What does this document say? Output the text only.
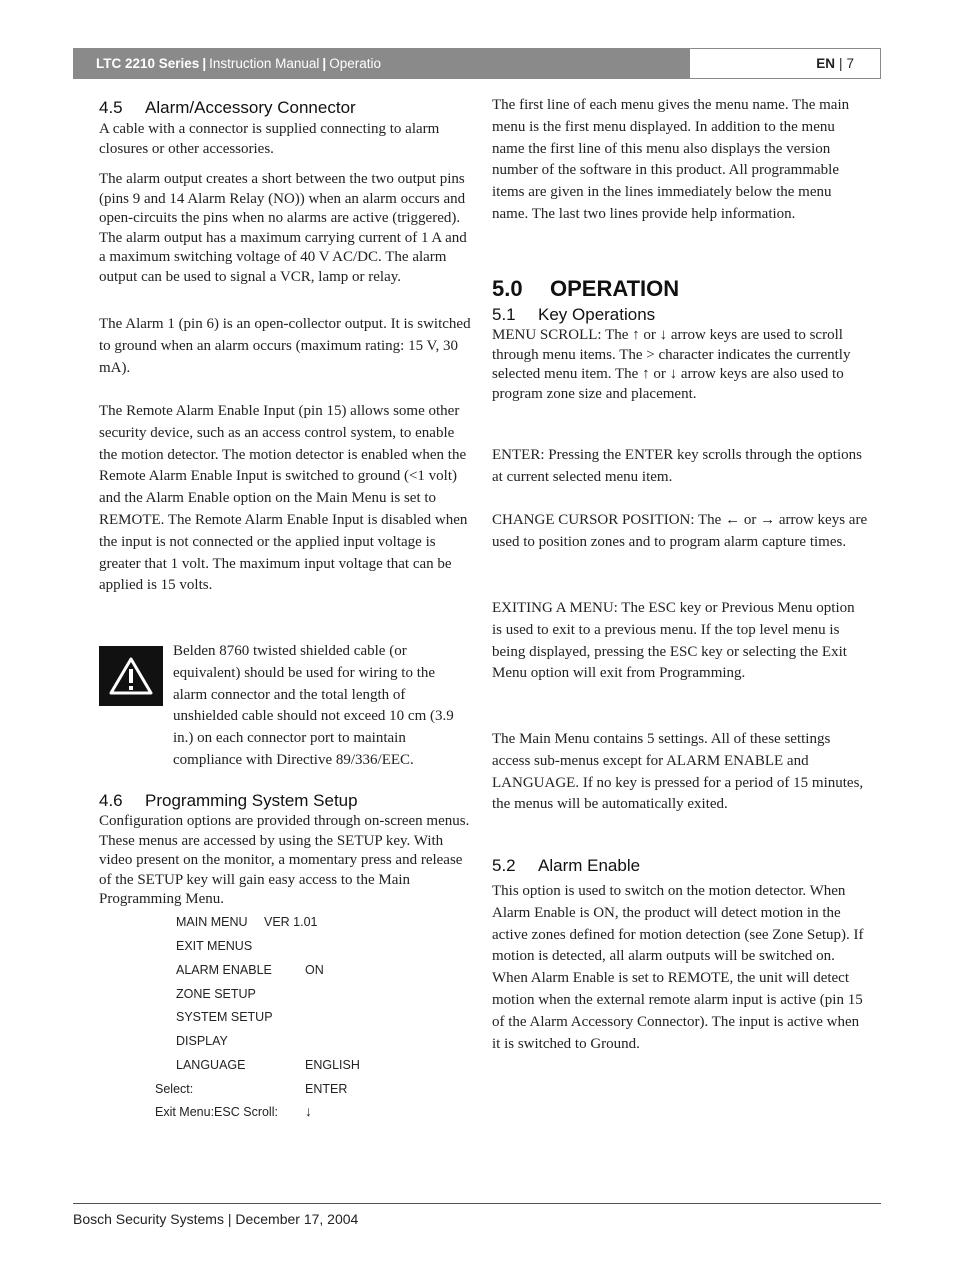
LTC 2210 Series | Instruction Manual | Operatio	EN | 7
4.5 Alarm/Accessory Connector

A cable with a connector is supplied connecting to alarm closures or other accessories.

The alarm output creates a short between the two output pins (pins 9 and 14 Alarm Relay (NO)) when an alarm occurs and open-circuits the pins when no alarms are active (triggered). The alarm output has a maximum carrying current of 1 A and a maximum switching voltage of 40 V AC/DC. The alarm output can be used to signal a VCR, lamp or relay.

The Alarm 1 (pin 6) is an open-collector output. It is switched to ground when an alarm occurs (maximum rating: 15 V, 30 mA).

The Remote Alarm Enable Input (pin 15) allows some other security device, such as an access control system, to enable the motion detector. The motion detector is enabled when the Remote Alarm Enable Input is switched to ground (<1 volt) and the Alarm Enable option on the Main Menu is set to REMOTE. The Remote Alarm Enable Input is disabled when the input is not connected or the applied input voltage is greater that 1 volt. The maximum input voltage that can be applied is 15 volts.

Belden 8760 twisted shielded cable (or equivalent) should be used for wiring to the alarm connector and the total length of unshielded cable should not exceed 10 cm (3.9 in.) on each connector port to maintain compliance with Directive 89/336/EEC.

4.6 Programming System Setup

Configuration options are provided through on-screen menus. These menus are accessed by using the SETUP key. With video present on the monitor, a momentary press and release of the SETUP key will gain easy access to the Main Programming Menu.

MAIN MENU VER 1.01
EXIT MENUS
ALARM ENABLE	ON
ZONE SETUP
SYSTEM SETUP
DISPLAY
LANGUAGE	ENGLISH
Select:	ENTER
Exit Menu:ESC Scroll: ↓

The first line of each menu gives the menu name. The main menu is the first menu displayed. In addition to the menu name the first line of this menu also displays the version number of the software in this product. All programmable items are given in the lines immediately below the menu name. The last two lines provide help information.

5.0 OPERATION
5.1 Key Operations

MENU SCROLL: The ↑ or ↓ arrow keys are used to scroll through menu items. The > character indicates the currently selected menu item. The ↑ or ↓ arrow keys are also used to program zone size and placement.

ENTER: Pressing the ENTER key scrolls through the options at current selected menu item.

CHANGE CURSOR POSITION: The ← or → arrow keys are used to position zones and to program alarm capture times.

EXITING A MENU: The ESC key or Previous Menu option is used to exit to a previous menu. If the top level menu is being displayed, pressing the ESC key or selecting the Exit Menu option will exit from Programming.

The Main Menu contains 5 settings. All of these settings access sub-menus except for ALARM ENABLE and LANGUAGE. If no key is pressed for a period of 15 minutes, the menus will be automatically exited.

5.2 Alarm Enable

This option is used to switch on the motion detector. When Alarm Enable is ON, the product will detect motion in the active zones defined for motion detection (see Zone Setup). If motion is detected, all alarm outputs will be switched on. When Alarm Enable is set to REMOTE, the unit will detect motion when the external remote alarm input is active (pin 15 of the Alarm Accessory Connector). The input is active when it is switched to Ground.

Bosch Security Systems | December 17, 2004
